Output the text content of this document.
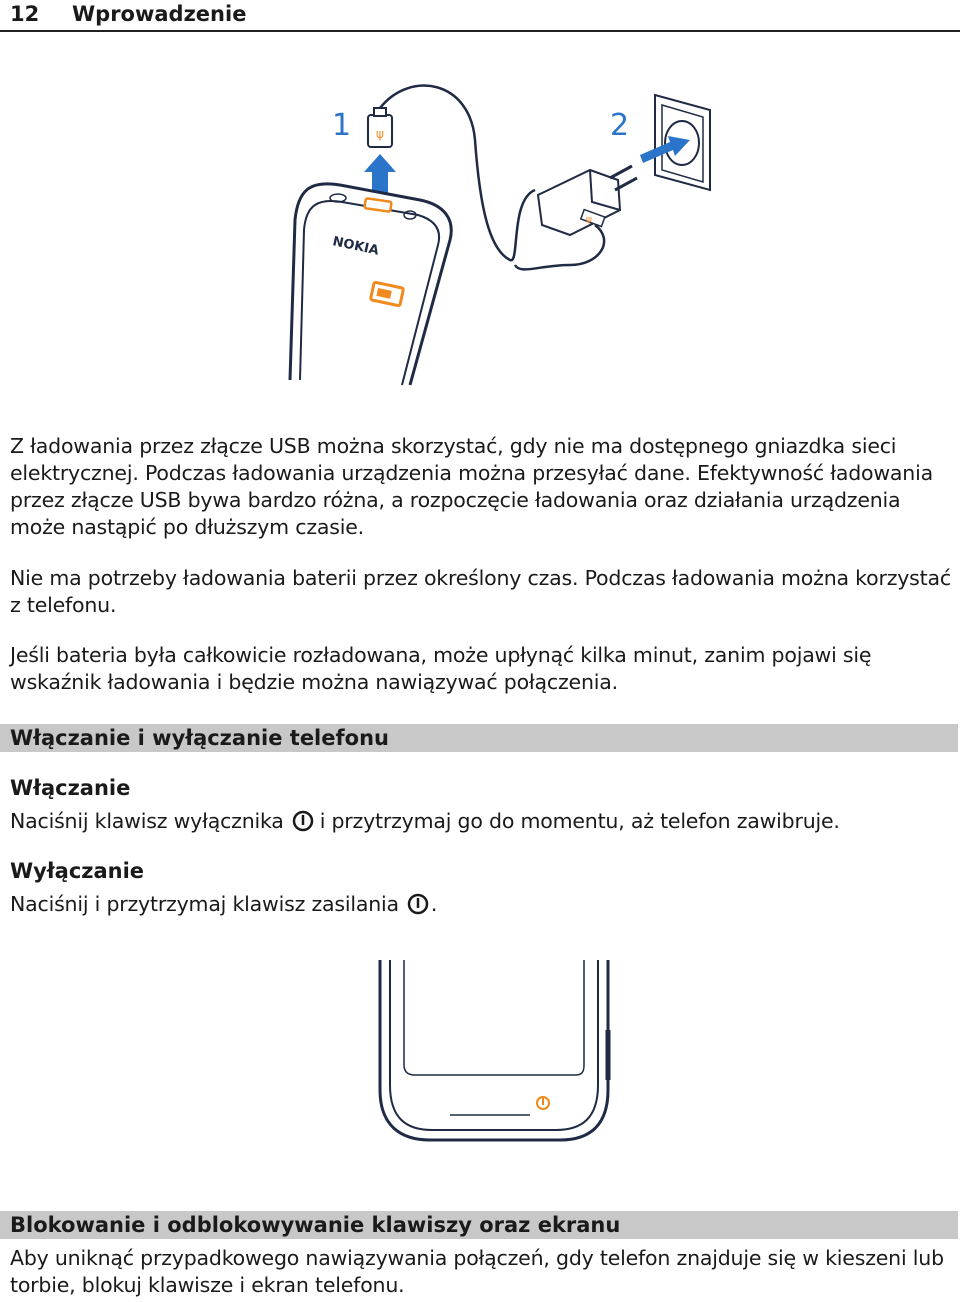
12 Wprowadzenie
1	2
ψ
ψ
NOKIA

Z ładowania przez złącze USB można skorzystać, gdy nie ma dostępnego gniazdka sieci elektrycznej. Podczas ładowania urządzenia można przesyłać dane. Efektywność ładowania przez złącze USB bywa bardzo różna, a rozpoczęcie ładowania oraz działania urządzenia może nastąpić po dłuższym czasie.

Nie ma potrzeby ładowania baterii przez określony czas. Podczas ładowania można korzystać z telefonu.

Jeśli bateria była całkowicie rozładowana, może upłynąć kilka minut, zanim pojawi się wskaźnik ładowania i będzie można nawiązywać połączenia.

Włączanie i wyłączanie telefonu
Włączanie

Naciśnij klawisz wyłącznika i przytrzymaj go do momentu, aż telefon zawibruje.

Wyłączanie

Naciśnij i przytrzymaj klawisz zasilania .

Blokowanie i odblokowywanie klawiszy oraz ekranu

Aby uniknąć przypadkowego nawiązywania połączeń, gdy telefon znajduje się w kieszeni lub torbie, blokuj klawisze i ekran telefonu.
